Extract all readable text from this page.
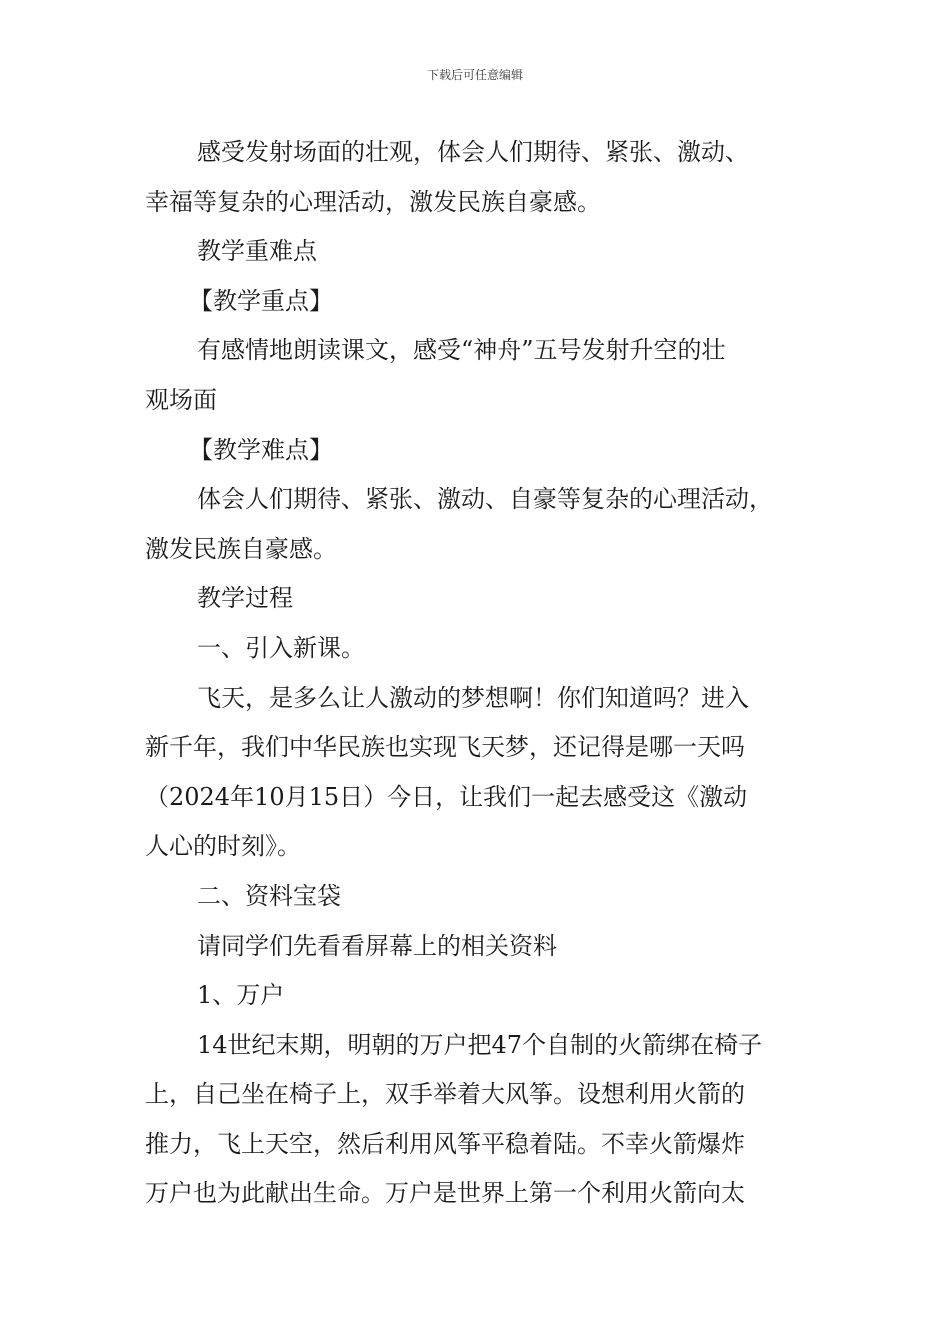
下载后可任意编辑

感受发射场面的壮观，体会人们期待、紧张、激动、
幸福等复杂的心理活动，激发民族自豪感。

教学重难点

【教学重点】

有感情地朗读课文，感受“神舟”五号发射升空的壮
观场面

【教学难点】

体会人们期待、紧张、激动、自豪等复杂的心理活动，
激发民族自豪感。

教学过程

一、引入新课。

飞天，是多么让人激动的梦想啊！你们知道吗？进入
新千年，我们中华民族也实现飞天梦，还记得是哪一天吗
（2024年10月15日）今日，让我们一起去感受这《激动
人心的时刻》。

二、资料宝袋

请同学们先看看屏幕上的相关资料

1、万户

14世纪末期，明朝的万户把47个自制的火箭绑在椅子
上，自己坐在椅子上，双手举着大风筝。设想利用火箭的
推力，飞上天空，然后利用风筝平稳着陆。不幸火箭爆炸
万户也为此献出生命。万户是世界上第一个利用火箭向太
